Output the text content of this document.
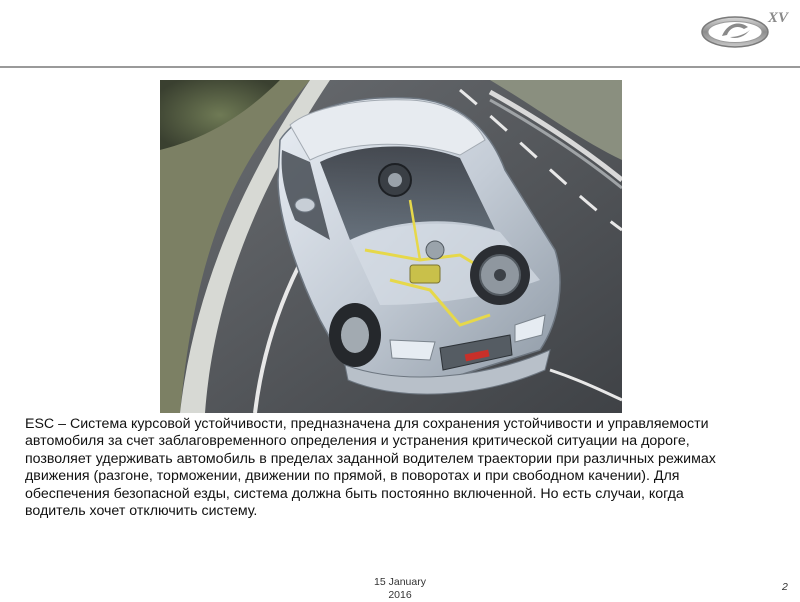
XV
ESC – Система курсовой устойчивости, предназначена для сохранения устойчивости и управляемости автомобиля за счет заблаговременного определения и устранения критической ситуации на дороге, позволяет удерживать автомобиль в пределах заданной водителем траектории при различных режимах движения (разгоне, торможении, движении по прямой, в поворотах и при свободном качении). Для обеспечения безопасной езды, система должна быть постоянно включенной. Но есть случаи, когда водитель хочет отключить систему.
15 January
2016
2
